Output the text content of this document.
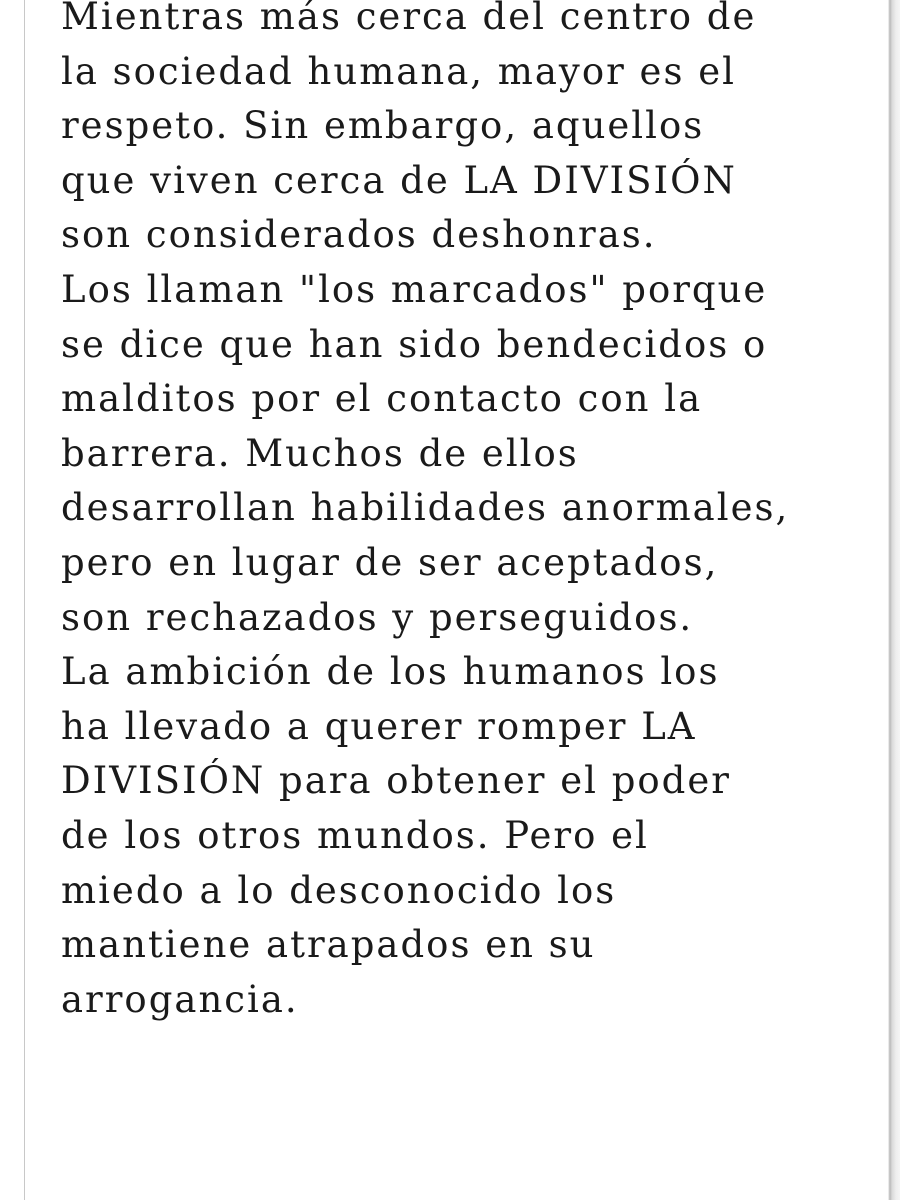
Mientras más cerca del centro de
la sociedad humana, mayor es el
respeto. Sin embargo, aquellos
que viven cerca de LA DIVISIÓN
son considerados deshonras.
Los llaman "los marcados" porque
se dice que han sido bendecidos o
malditos por el contacto con la
barrera. Muchos de ellos
desarrollan habilidades anormales,
pero en lugar de ser aceptados,
son rechazados y perseguidos.
La ambición de los humanos los
ha llevado a querer romper LA
DIVISIÓN para obtener el poder
de los otros mundos. Pero el
miedo a lo desconocido los
mantiene atrapados en su
arrogancia.
